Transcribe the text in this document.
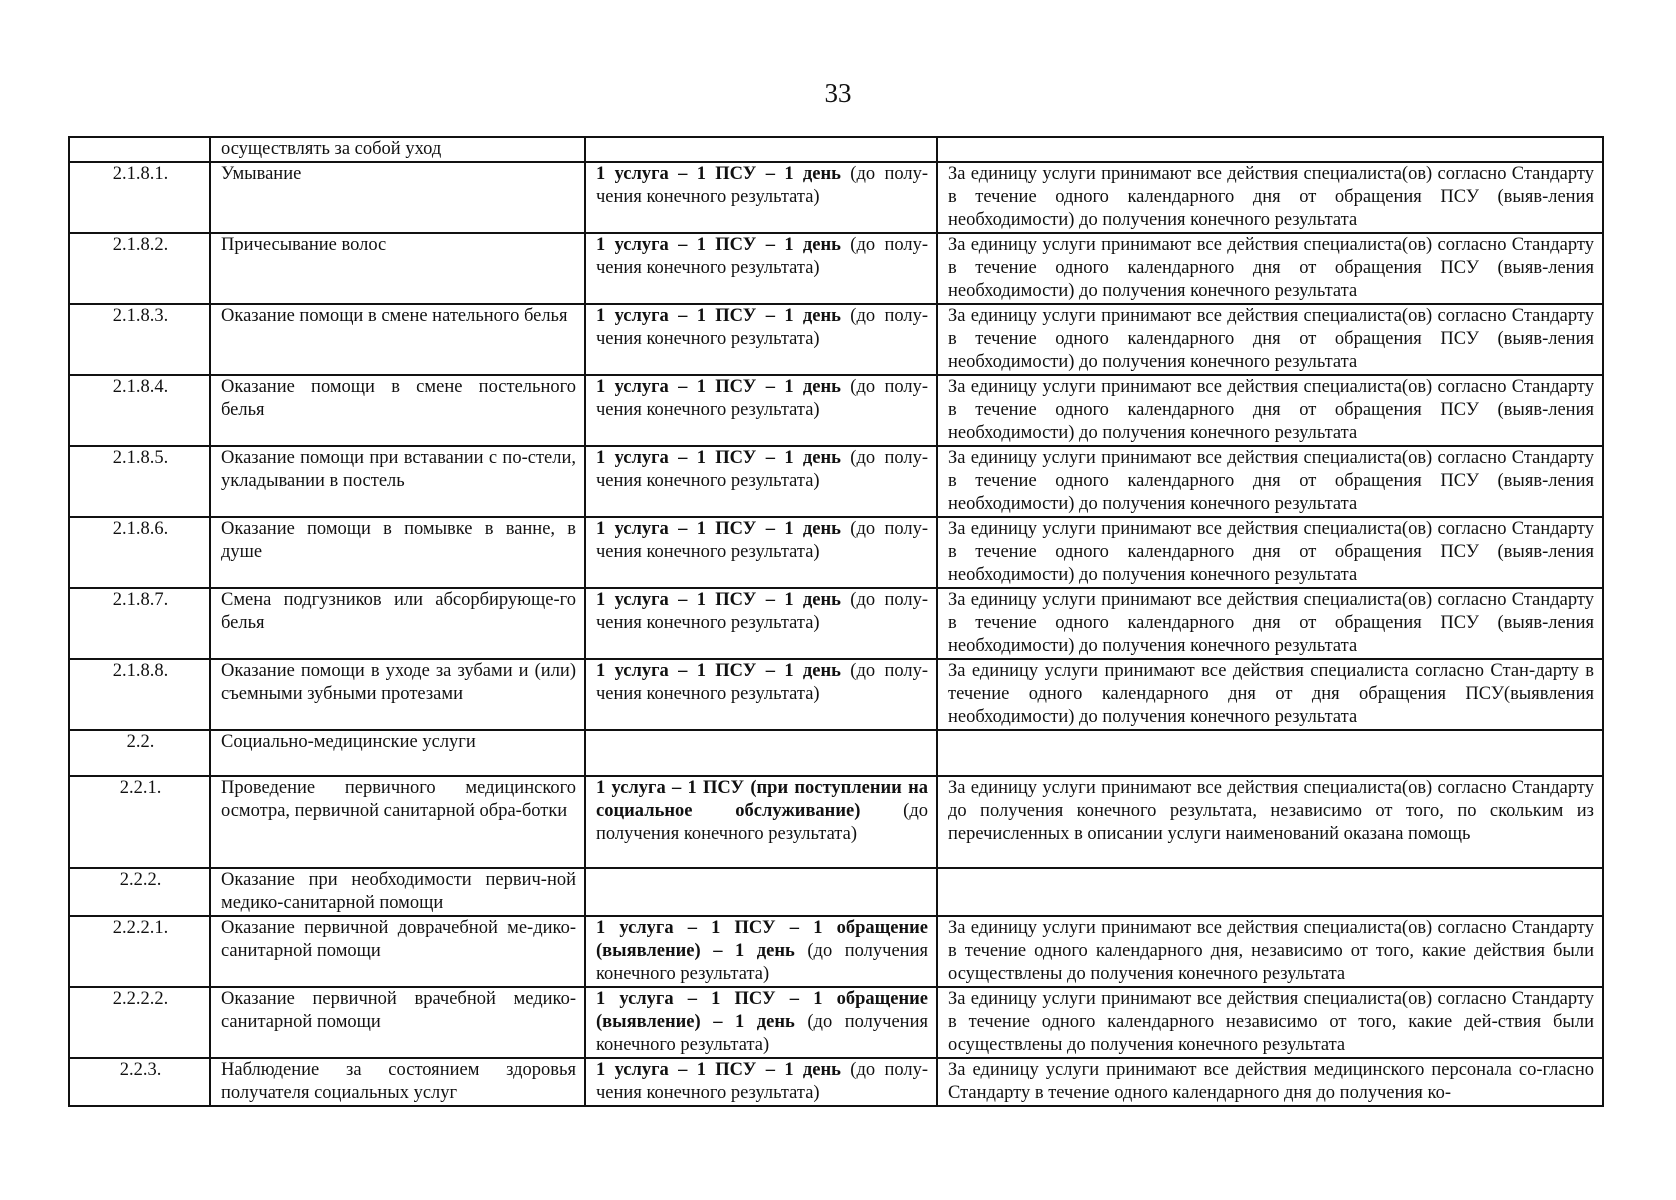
33
	осуществлять за собой уход		
2.1.8.1.	Умывание	1 услуга – 1 ПСУ – 1 день (до полу-чения конечного результата)	За единицу услуги принимают все действия специалиста(ов) согласно Стандарту в течение одного календарного дня от обращения ПСУ (выяв-ления необходимости) до получения конечного результата
2.1.8.2.	Причесывание волос	1 услуга – 1 ПСУ – 1 день (до полу-чения конечного результата)	За единицу услуги принимают все действия специалиста(ов) согласно Стандарту в течение одного календарного дня от обращения ПСУ (выяв-ления необходимости) до получения конечного результата
2.1.8.3.	Оказание помощи в смене нательного белья	1 услуга – 1 ПСУ – 1 день (до полу-чения конечного результата)	За единицу услуги принимают все действия специалиста(ов) согласно Стандарту в течение одного календарного дня от обращения ПСУ (выяв-ления необходимости) до получения конечного результата
2.1.8.4.	Оказание помощи в смене постельного белья	1 услуга – 1 ПСУ – 1 день (до полу-чения конечного результата)	За единицу услуги принимают все действия специалиста(ов) согласно Стандарту в течение одного календарного дня от обращения ПСУ (выяв-ления необходимости) до получения конечного результата
2.1.8.5.	Оказание помощи при вставании с по-стели, укладывании в постель	1 услуга – 1 ПСУ – 1 день (до полу-чения конечного результата)	За единицу услуги принимают все действия специалиста(ов) согласно Стандарту в течение одного календарного дня от обращения ПСУ (выяв-ления необходимости) до получения конечного результата
2.1.8.6.	Оказание помощи в помывке в ванне, в душе	1 услуга – 1 ПСУ – 1 день (до полу-чения конечного результата)	За единицу услуги принимают все действия специалиста(ов) согласно Стандарту в течение одного календарного дня от обращения ПСУ (выяв-ления необходимости) до получения конечного результата
2.1.8.7.	Смена подгузников или абсорбирующе-го белья	1 услуга – 1 ПСУ – 1 день (до полу-чения конечного результата)	За единицу услуги принимают все действия специалиста(ов) согласно Стандарту в течение одного календарного дня от обращения ПСУ (выяв-ления необходимости) до получения конечного результата
2.1.8.8.	Оказание помощи в уходе за зубами и (или) съемными зубными протезами	1 услуга – 1 ПСУ – 1 день (до полу-чения конечного результата)	За единицу услуги принимают все действия специалиста согласно Стан-дарту в течение одного календарного дня от дня обращения ПСУ(выявления необходимости) до получения конечного результата
2.2.	Социально-медицинские услуги		
2.2.1.	Проведение первичного медицинского осмотра, первичной санитарной обра-ботки	1 услуга – 1 ПСУ (при поступлении на социальное обслуживание) (до получения конечного результата)	За единицу услуги принимают все действия специалиста(ов) согласно Стандарту до получения конечного результата, независимо от того, по скольким из перечисленных в описании услуги наименований оказана помощь
2.2.2.	Оказание при необходимости первич-ной медико-санитарной помощи		
2.2.2.1.	Оказание первичной доврачебной ме-дико-санитарной помощи	1 услуга – 1 ПСУ – 1 обращение (выявление) – 1 день (до получения конечного результата)	За единицу услуги принимают все действия специалиста(ов) согласно Стандарту в течение одного календарного дня, независимо от того, какие действия были осуществлены до получения конечного результата
2.2.2.2.	Оказание первичной врачебной медико-санитарной помощи	1 услуга – 1 ПСУ – 1 обращение (выявление) – 1 день (до получения конечного результата)	За единицу услуги принимают все действия специалиста(ов) согласно Стандарту в течение одного календарного независимо от того, какие дей-ствия были осуществлены до получения конечного результата
2.2.3.	Наблюдение за состоянием здоровья получателя социальных услуг	1 услуга – 1 ПСУ – 1 день (до полу-чения конечного результата)	За единицу услуги принимают все действия медицинского персонала со-гласно Стандарту в течение одного календарного дня до получения ко-
